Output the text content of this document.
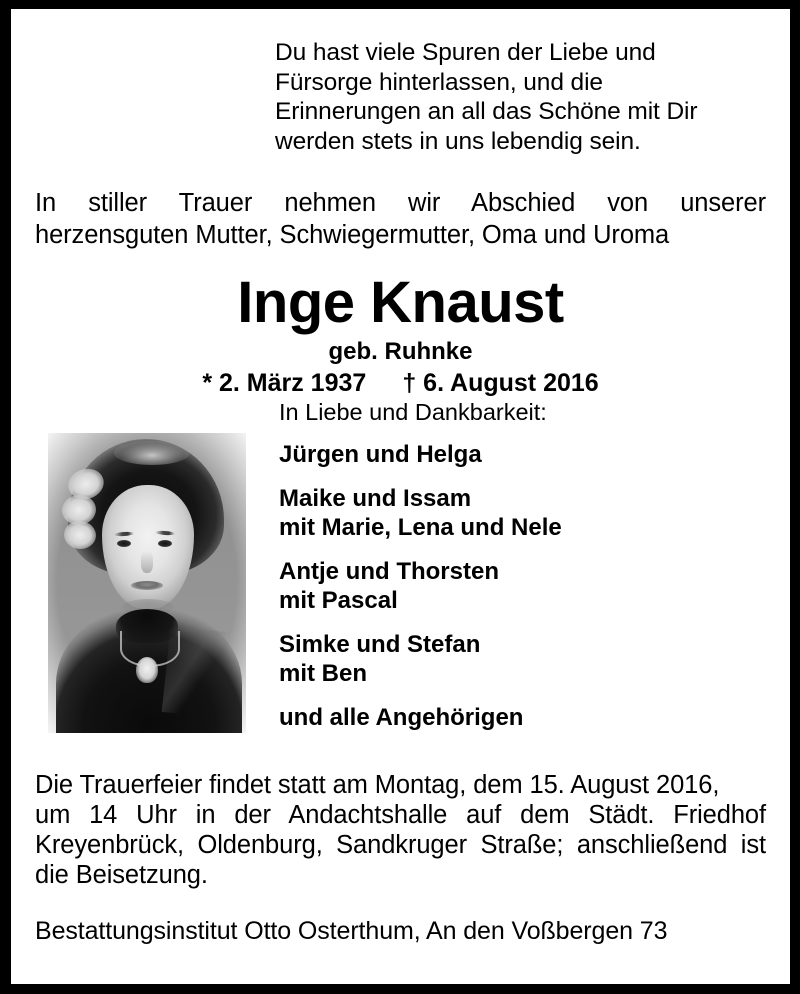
Du hast viele Spuren der Liebe und
Fürsorge hinterlassen, und die
Erinnerungen an all das Schöne mit Dir
werden stets in uns lebendig sein.
In stiller Trauer nehmen wir Abschied von unserer
herzensguten Mutter, Schwiegermutter, Oma und Uroma
Inge Knaust
geb. Ruhnke
* 2. März 1937 † 6. August 2016
In Liebe und Dankbarkeit:
Jürgen und Helga
Maike und Issam
mit Marie, Lena und Nele
Antje und Thorsten
mit Pascal
Simke und Stefan
mit Ben
und alle Angehörigen
Die Trauerfeier findet statt am Montag, dem 15. August 2016,
um 14 Uhr in der Andachtshalle auf dem Städt. Friedhof
Kreyenbrück, Oldenburg, Sandkruger Straße; anschließend ist
die Beisetzung.
Bestattungsinstitut Otto Osterthum, An den Voßbergen 73
